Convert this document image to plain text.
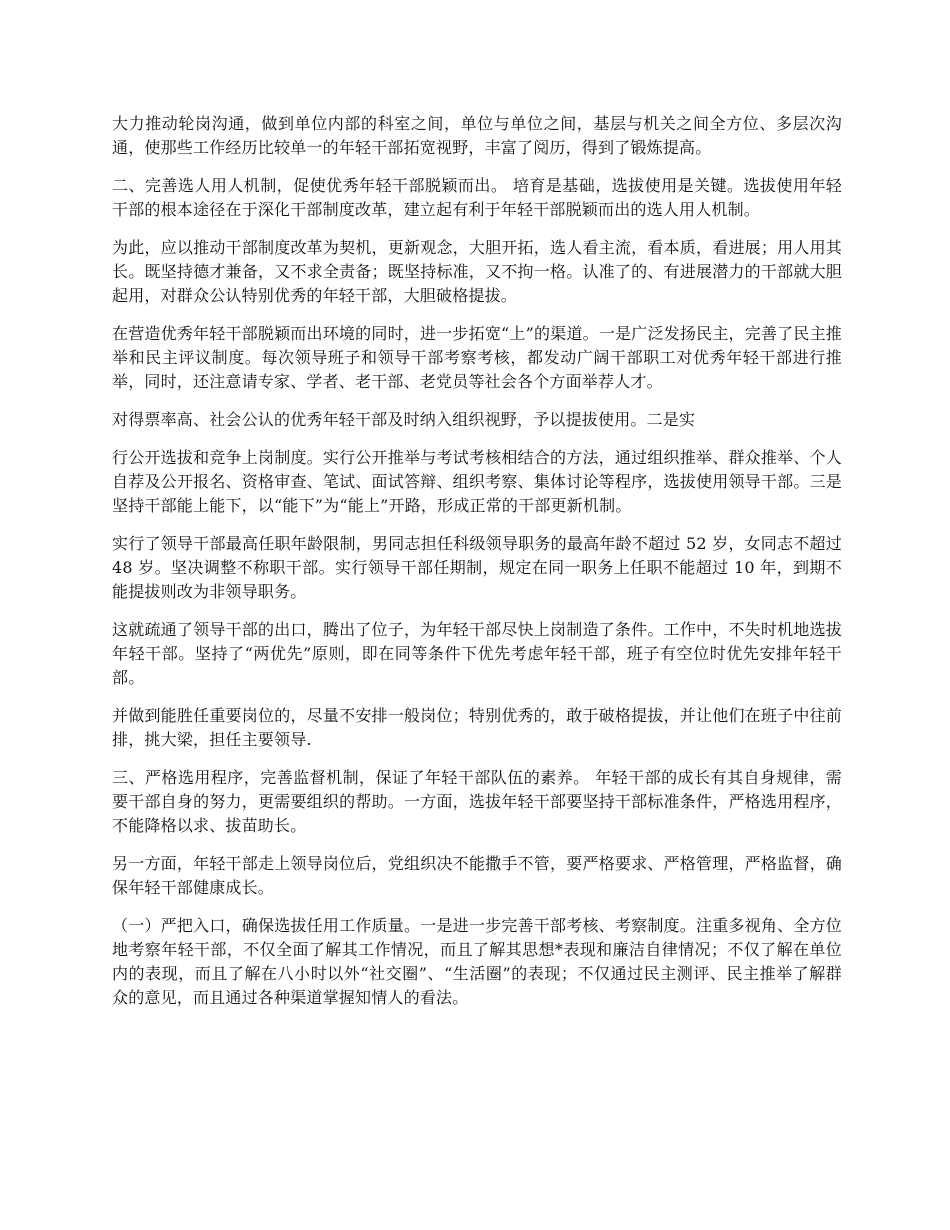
大力推动轮岗沟通，做到单位内部的科室之间，单位与单位之间，基层与机关之间全方位、多层次沟通，使那些工作经历比较单一的年轻干部拓宽视野，丰富了阅历，得到了锻炼提高。

二、完善选人用人机制，促使优秀年轻干部脱颖而出。 培育是基础，选拔使用是关键。选拔使用年轻干部的根本途径在于深化干部制度改革，建立起有利于年轻干部脱颖而出的选人用人机制。

为此，应以推动干部制度改革为契机，更新观念，大胆开拓，选人看主流，看本质，看进展；用人用其长。既坚持德才兼备，又不求全责备；既坚持标准，又不拘一格。认准了的、有进展潜力的干部就大胆起用，对群众公认特别优秀的年轻干部，大胆破格提拔。

在营造优秀年轻干部脱颖而出环境的同时，进一步拓宽“上”的渠道。一是广泛发扬民主，完善了民主推举和民主评议制度。每次领导班子和领导干部考察考核，都发动广阔干部职工对优秀年轻干部进行推举，同时，还注意请专家、学者、老干部、老党员等社会各个方面举荐人才。

对得票率高、社会公认的优秀年轻干部及时纳入组织视野，予以提拔使用。二是实

行公开选拔和竞争上岗制度。实行公开推举与考试考核相结合的方法，通过组织推举、群众推举、个人自荐及公开报名、资格审查、笔试、面试答辩、组织考察、集体讨论等程序，选拔使用领导干部。三是坚持干部能上能下，以“能下”为“能上”开路，形成正常的干部更新机制。

实行了领导干部最高任职年龄限制，男同志担任科级领导职务的最高年龄不超过 52 岁，女同志不超过 48 岁。坚决调整不称职干部。实行领导干部任期制，规定在同一职务上任职不能超过 10 年，到期不能提拔则改为非领导职务。

这就疏通了领导干部的出口，腾出了位子，为年轻干部尽快上岗制造了条件。工作中，不失时机地选拔年轻干部。坚持了“两优先”原则，即在同等条件下优先考虑年轻干部，班子有空位时优先安排年轻干部。

并做到能胜任重要岗位的，尽量不安排一般岗位；特别优秀的，敢于破格提拔，并让他们在班子中往前排，挑大梁，担任主要领导.

三、严格选用程序，完善监督机制，保证了年轻干部队伍的素养。 年轻干部的成长有其自身规律，需要干部自身的努力，更需要组织的帮助。一方面，选拔年轻干部要坚持干部标准条件，严格选用程序，不能降格以求、拔苗助长。

另一方面，年轻干部走上领导岗位后，党组织决不能撒手不管，要严格要求、严格管理，严格监督，确保年轻干部健康成长。

（一）严把入口，确保选拔任用工作质量。一是进一步完善干部考核、考察制度。注重多视角、全方位地考察年轻干部，不仅全面了解其工作情况，而且了解其思想*表现和廉洁自律情况；不仅了解在单位内的表现，而且了解在八小时以外“社交圈”、“生活圈”的表现；不仅通过民主测评、民主推举了解群众的意见，而且通过各种渠道掌握知情人的看法。
